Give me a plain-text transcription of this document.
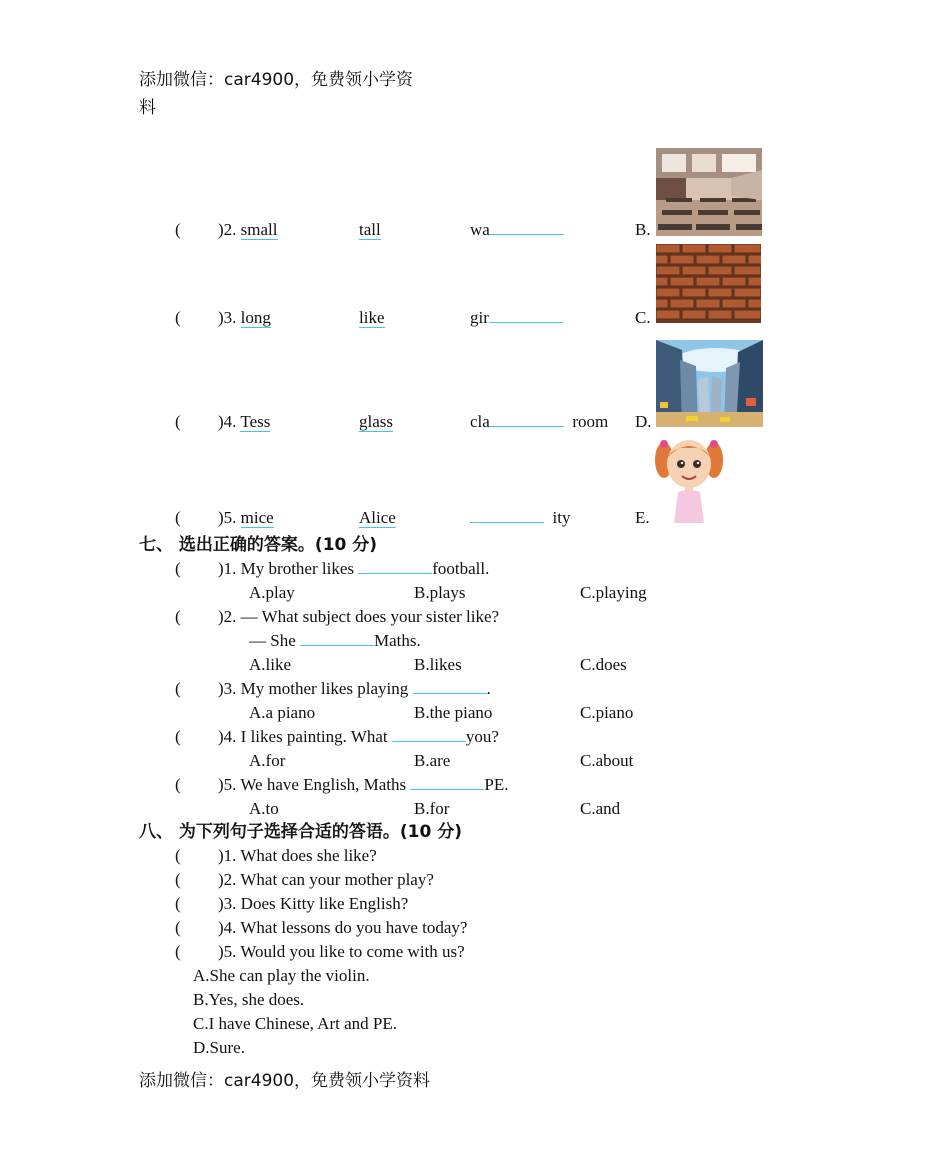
添加微信：car4900，免费领小学资
料
( )2. small	tall	wa	B.
( )3. long	like	gir	C.
( )4. Tess	glass	cla	room D.
( )5. mice	Alice	ity	E.
七、 选出正确的答案。(10 分)
( )1. My brother likes	football.
A.play	B.plays	C.playing
( )2. — What subject does your sister like?
— She	Maths.
A.like	B.likes	C.does
( )3. My mother likes playing	.
A.a piano	B.the piano	C.piano
( )4. I likes painting. What	you?
A.for	B.are	C.about
( )5. We have English, Maths	PE.
A.to	B.for	C.and
八、 为下列句子选择合适的答语。(10 分)
( )1. What does she like?
( )2. What can your mother play?
( )3. Does Kitty like English?
( )4. What lessons do you have today?
( )5. Would you like to come with us?
A.She can play the violin.
B.Yes, she does.
C.I have Chinese, Art and PE.
D.Sure.
添加微信：car4900，免费领小学资料
